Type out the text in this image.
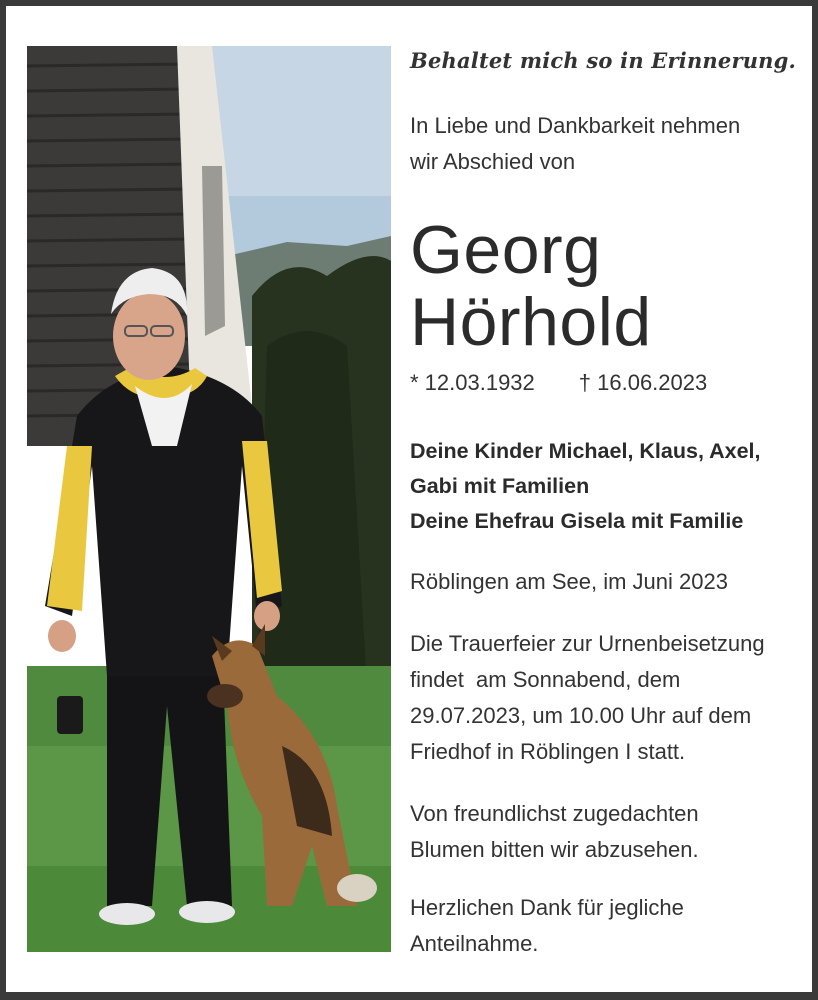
Behaltet mich so in Erinnerung.
In Liebe und Dankbarkeit nehmen
wir Abschied von
Georg
Hörhold
* 12.03.1932 † 16.06.2023
Deine Kinder Michael, Klaus, Axel,
Gabi mit Familien
Deine Ehefrau Gisela mit Familie
Röblingen am See, im Juni 2023
Die Trauerfeier zur Urnenbeisetzung
findet  am Sonnabend, dem
29.07.2023, um 10.00 Uhr auf dem
Friedhof in Röblingen I statt.
Von freundlichst zugedachten
Blumen bitten wir abzusehen.
Herzlichen Dank für jegliche
Anteilnahme.
